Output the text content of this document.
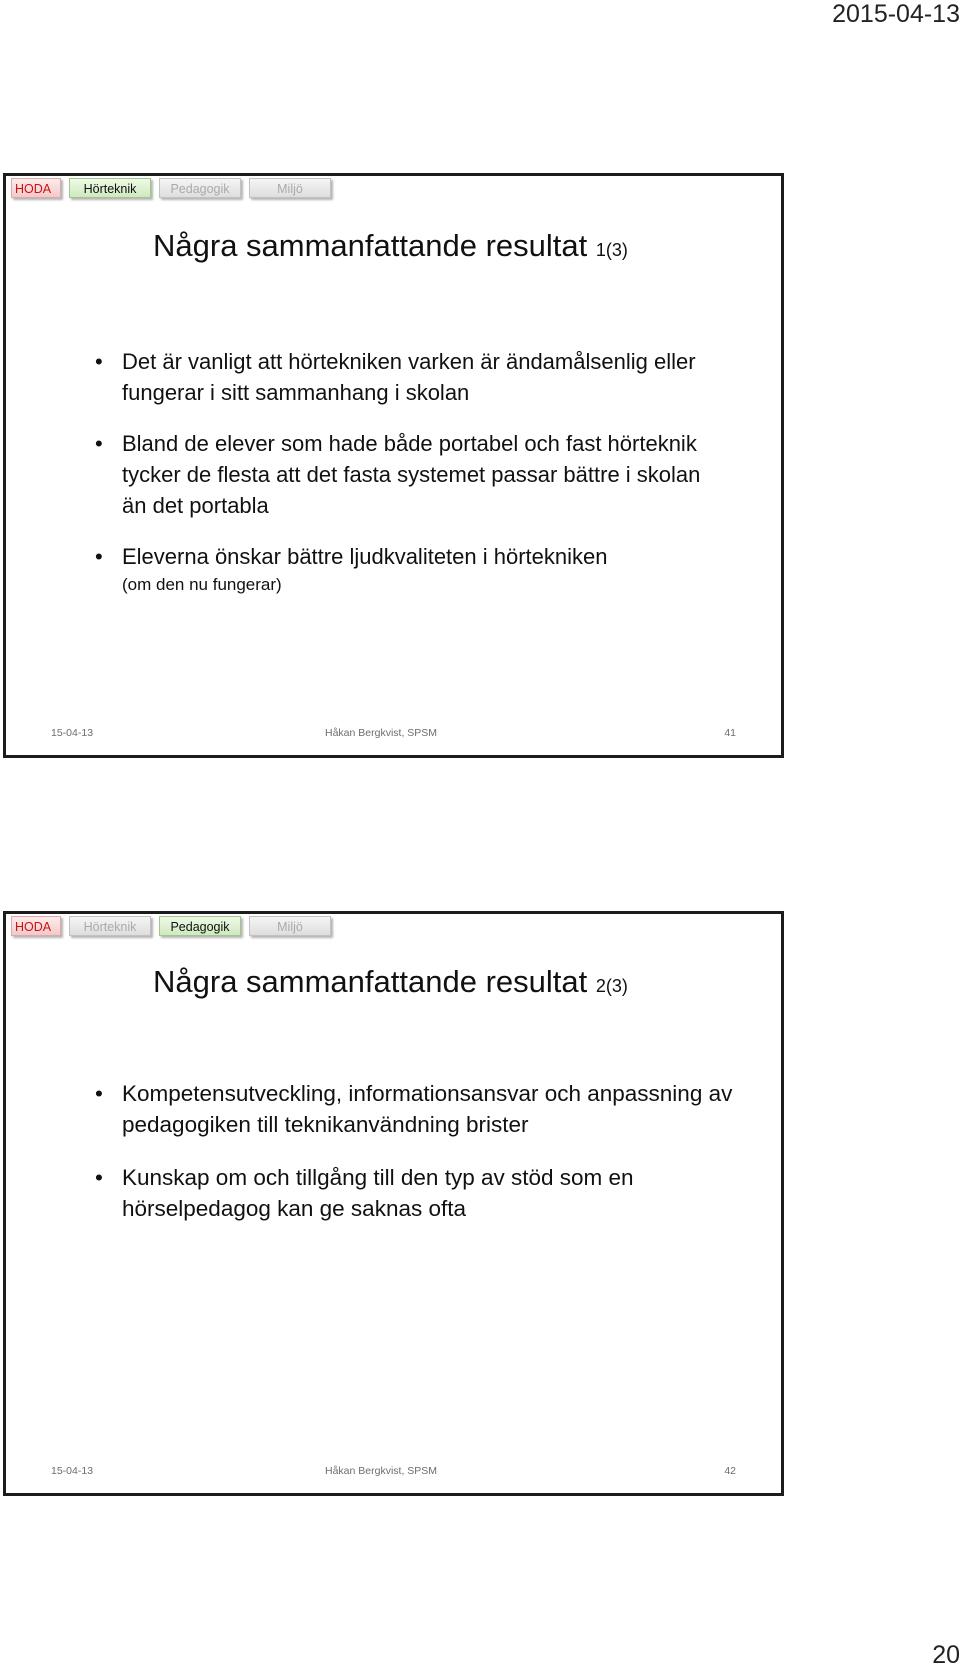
2015-04-13
HODA	Hörteknik	Pedagogik	Miljö
Några sammanfattande resultat 1(3)
• Det är vanligt att hörtekniken varken är ändamålsenlig eller fungerar i sitt sammanhang i skolan
• Bland de elever som hade både portabel och fast hörteknik tycker de flesta att det fasta systemet passar bättre i skolan än det portabla
• Eleverna önskar bättre ljudkvaliteten i hörtekniken
(om den nu fungerar)
15-04-13	Håkan Bergkvist, SPSM	41
HODA	Hörteknik	Pedagogik	Miljö
Några sammanfattande resultat 2(3)
• Kompetensutveckling, informationsansvar och anpassning av pedagogiken till teknikanvändning brister
• Kunskap om och tillgång till den typ av stöd som en hörselpedagog kan ge saknas ofta
15-04-13	Håkan Bergkvist, SPSM	42
20
